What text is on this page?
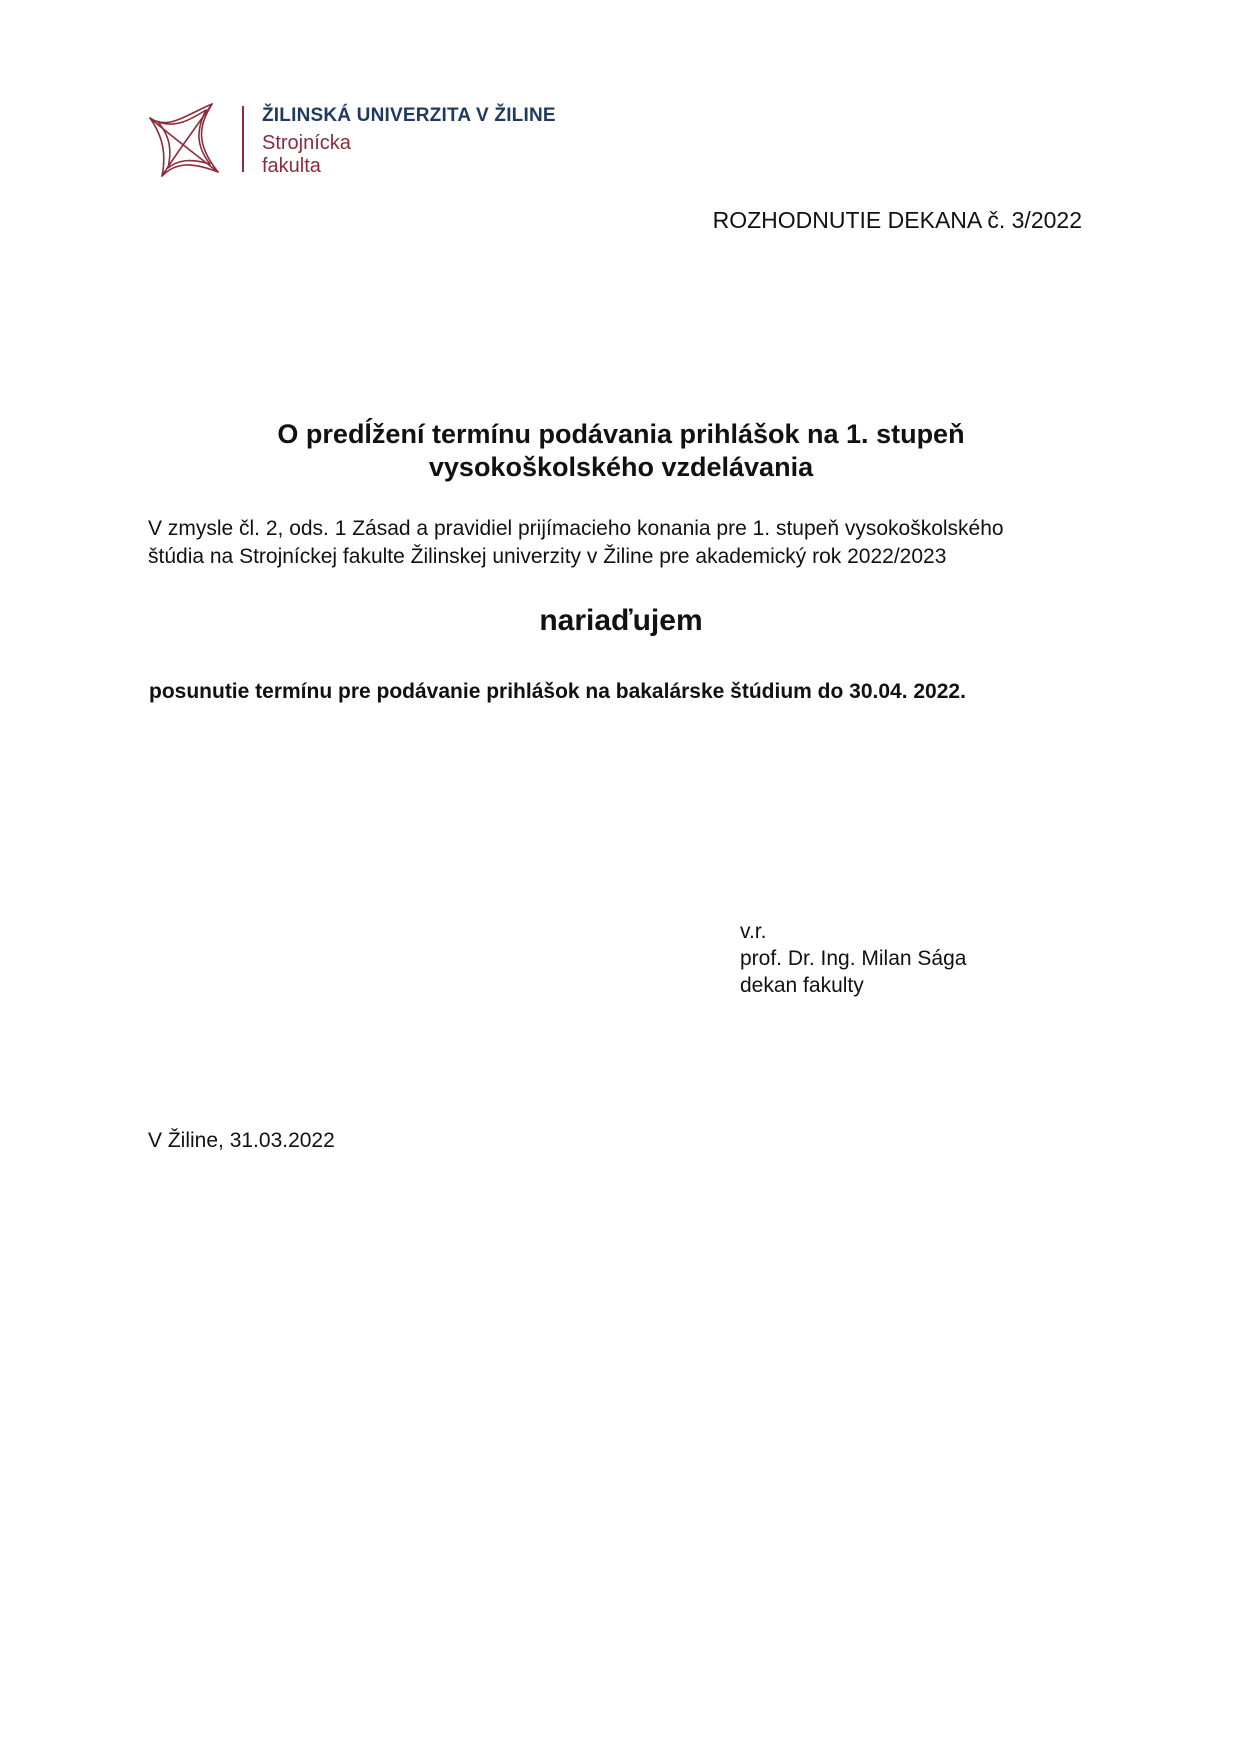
ŽILINSKÁ UNIVERZITA V ŽILINE
Strojnícka
fakulta
ROZHODNUTIE DEKANA č. 3/2022
O predĺžení termínu podávania prihlášok na 1. stupeň
vysokoškolského vzdelávania
V zmysle čl. 2, ods. 1 Zásad a pravidiel prijímacieho konania pre 1. stupeň vysokoškolského
štúdia na Strojníckej fakulte Žilinskej univerzity v Žiline pre akademický rok 2022/2023
nariaďujem
posunutie termínu pre podávanie prihlášok na bakalárske štúdium do 30.04. 2022.
v.r.
prof. Dr. Ing. Milan Sága
dekan fakulty
V Žiline, 31.03.2022
